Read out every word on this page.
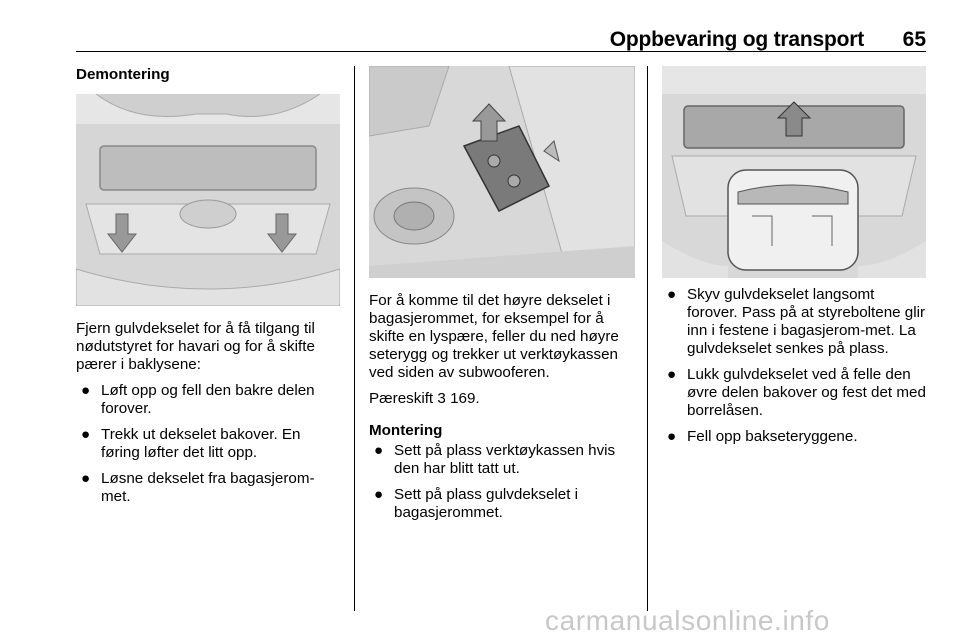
Oppbevaring og transport 65
Demontering
Fjern gulvdekselet for å få tilgang til nødutstyret for havari og for å skifte pærer i baklysene:
● Løft opp og fell den bakre delen forover.
● Trekk ut dekselet bakover. En føring løfter det litt opp.
● Løsne dekselet fra bagasjerom-met.
For å komme til det høyre dekselet i bagasjerommet, for eksempel for å skifte en lyspære, feller du ned høyre seterygg og trekker ut verktøykassen ved siden av subwooferen.
Pæreskift 3 169.
Montering
● Sett på plass verktøykassen hvis den har blitt tatt ut.
● Sett på plass gulvdekselet i bagasjerommet.
● Skyv gulvdekselet langsomt forover. Pass på at styreboltene glir inn i festene i bagasjerom-met. La gulvdekselet senkes på plass.
● Lukk gulvdekselet ved å felle den øvre delen bakover og fest det med borrelåsen.
● Fell opp bakseteryggene.
carmanualsonline.info
